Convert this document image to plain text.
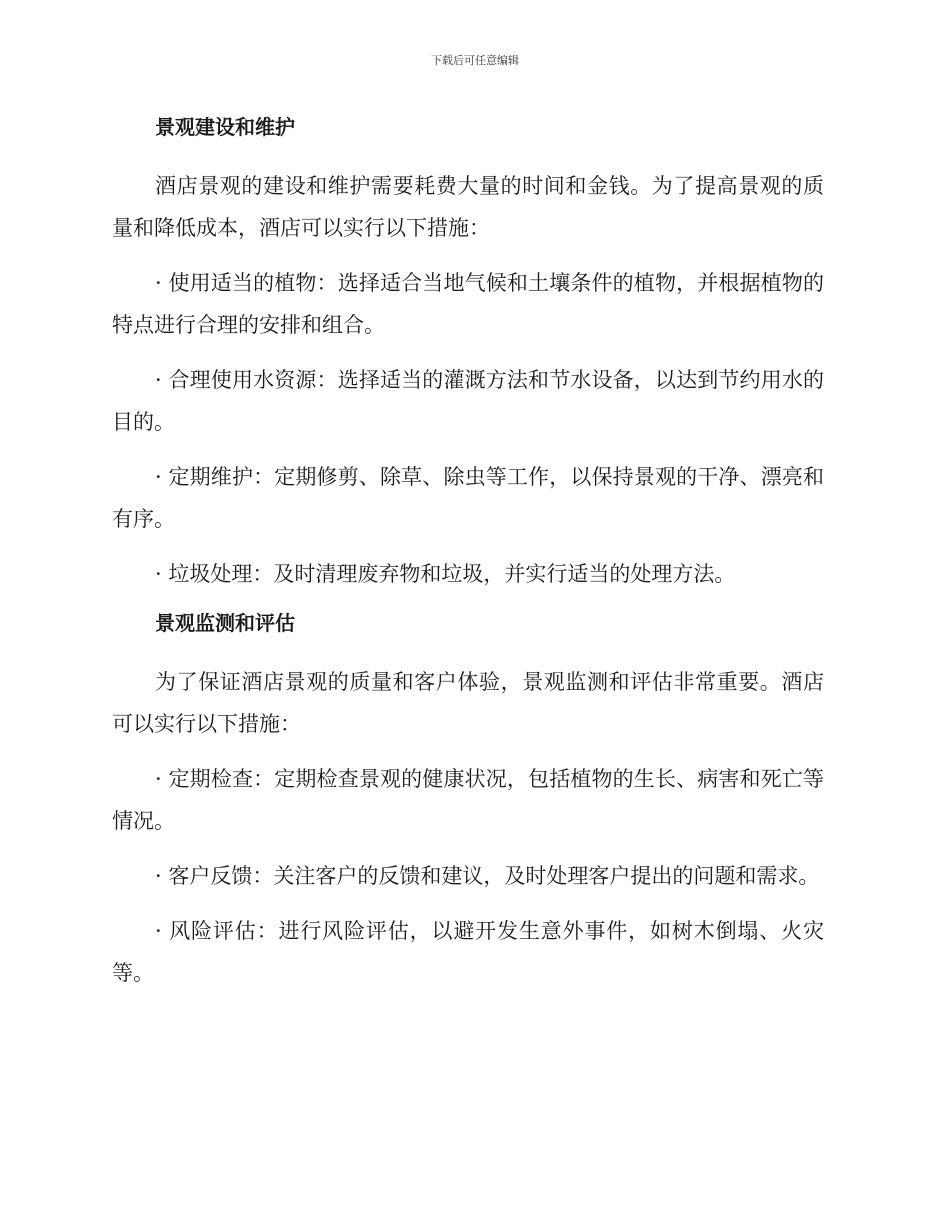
下载后可任意编辑
景观建设和维护

酒店景观的建设和维护需要耗费大量的时间和金钱。为了提高景观的质量和降低成本，酒店可以实行以下措施：

· 使用适当的植物：选择适合当地气候和土壤条件的植物，并根据植物的特点进行合理的安排和组合。

· 合理使用水资源：选择适当的灌溉方法和节水设备，以达到节约用水的目的。

· 定期维护：定期修剪、除草、除虫等工作，以保持景观的干净、漂亮和有序。

· 垃圾处理：及时清理废弃物和垃圾，并实行适当的处理方法。

景观监测和评估

为了保证酒店景观的质量和客户体验，景观监测和评估非常重要。酒店可以实行以下措施：

· 定期检查：定期检查景观的健康状况，包括植物的生长、病害和死亡等情况。

· 客户反馈：关注客户的反馈和建议，及时处理客户提出的问题和需求。

· 风险评估：进行风险评估，以避开发生意外事件，如树木倒塌、火灾等。
